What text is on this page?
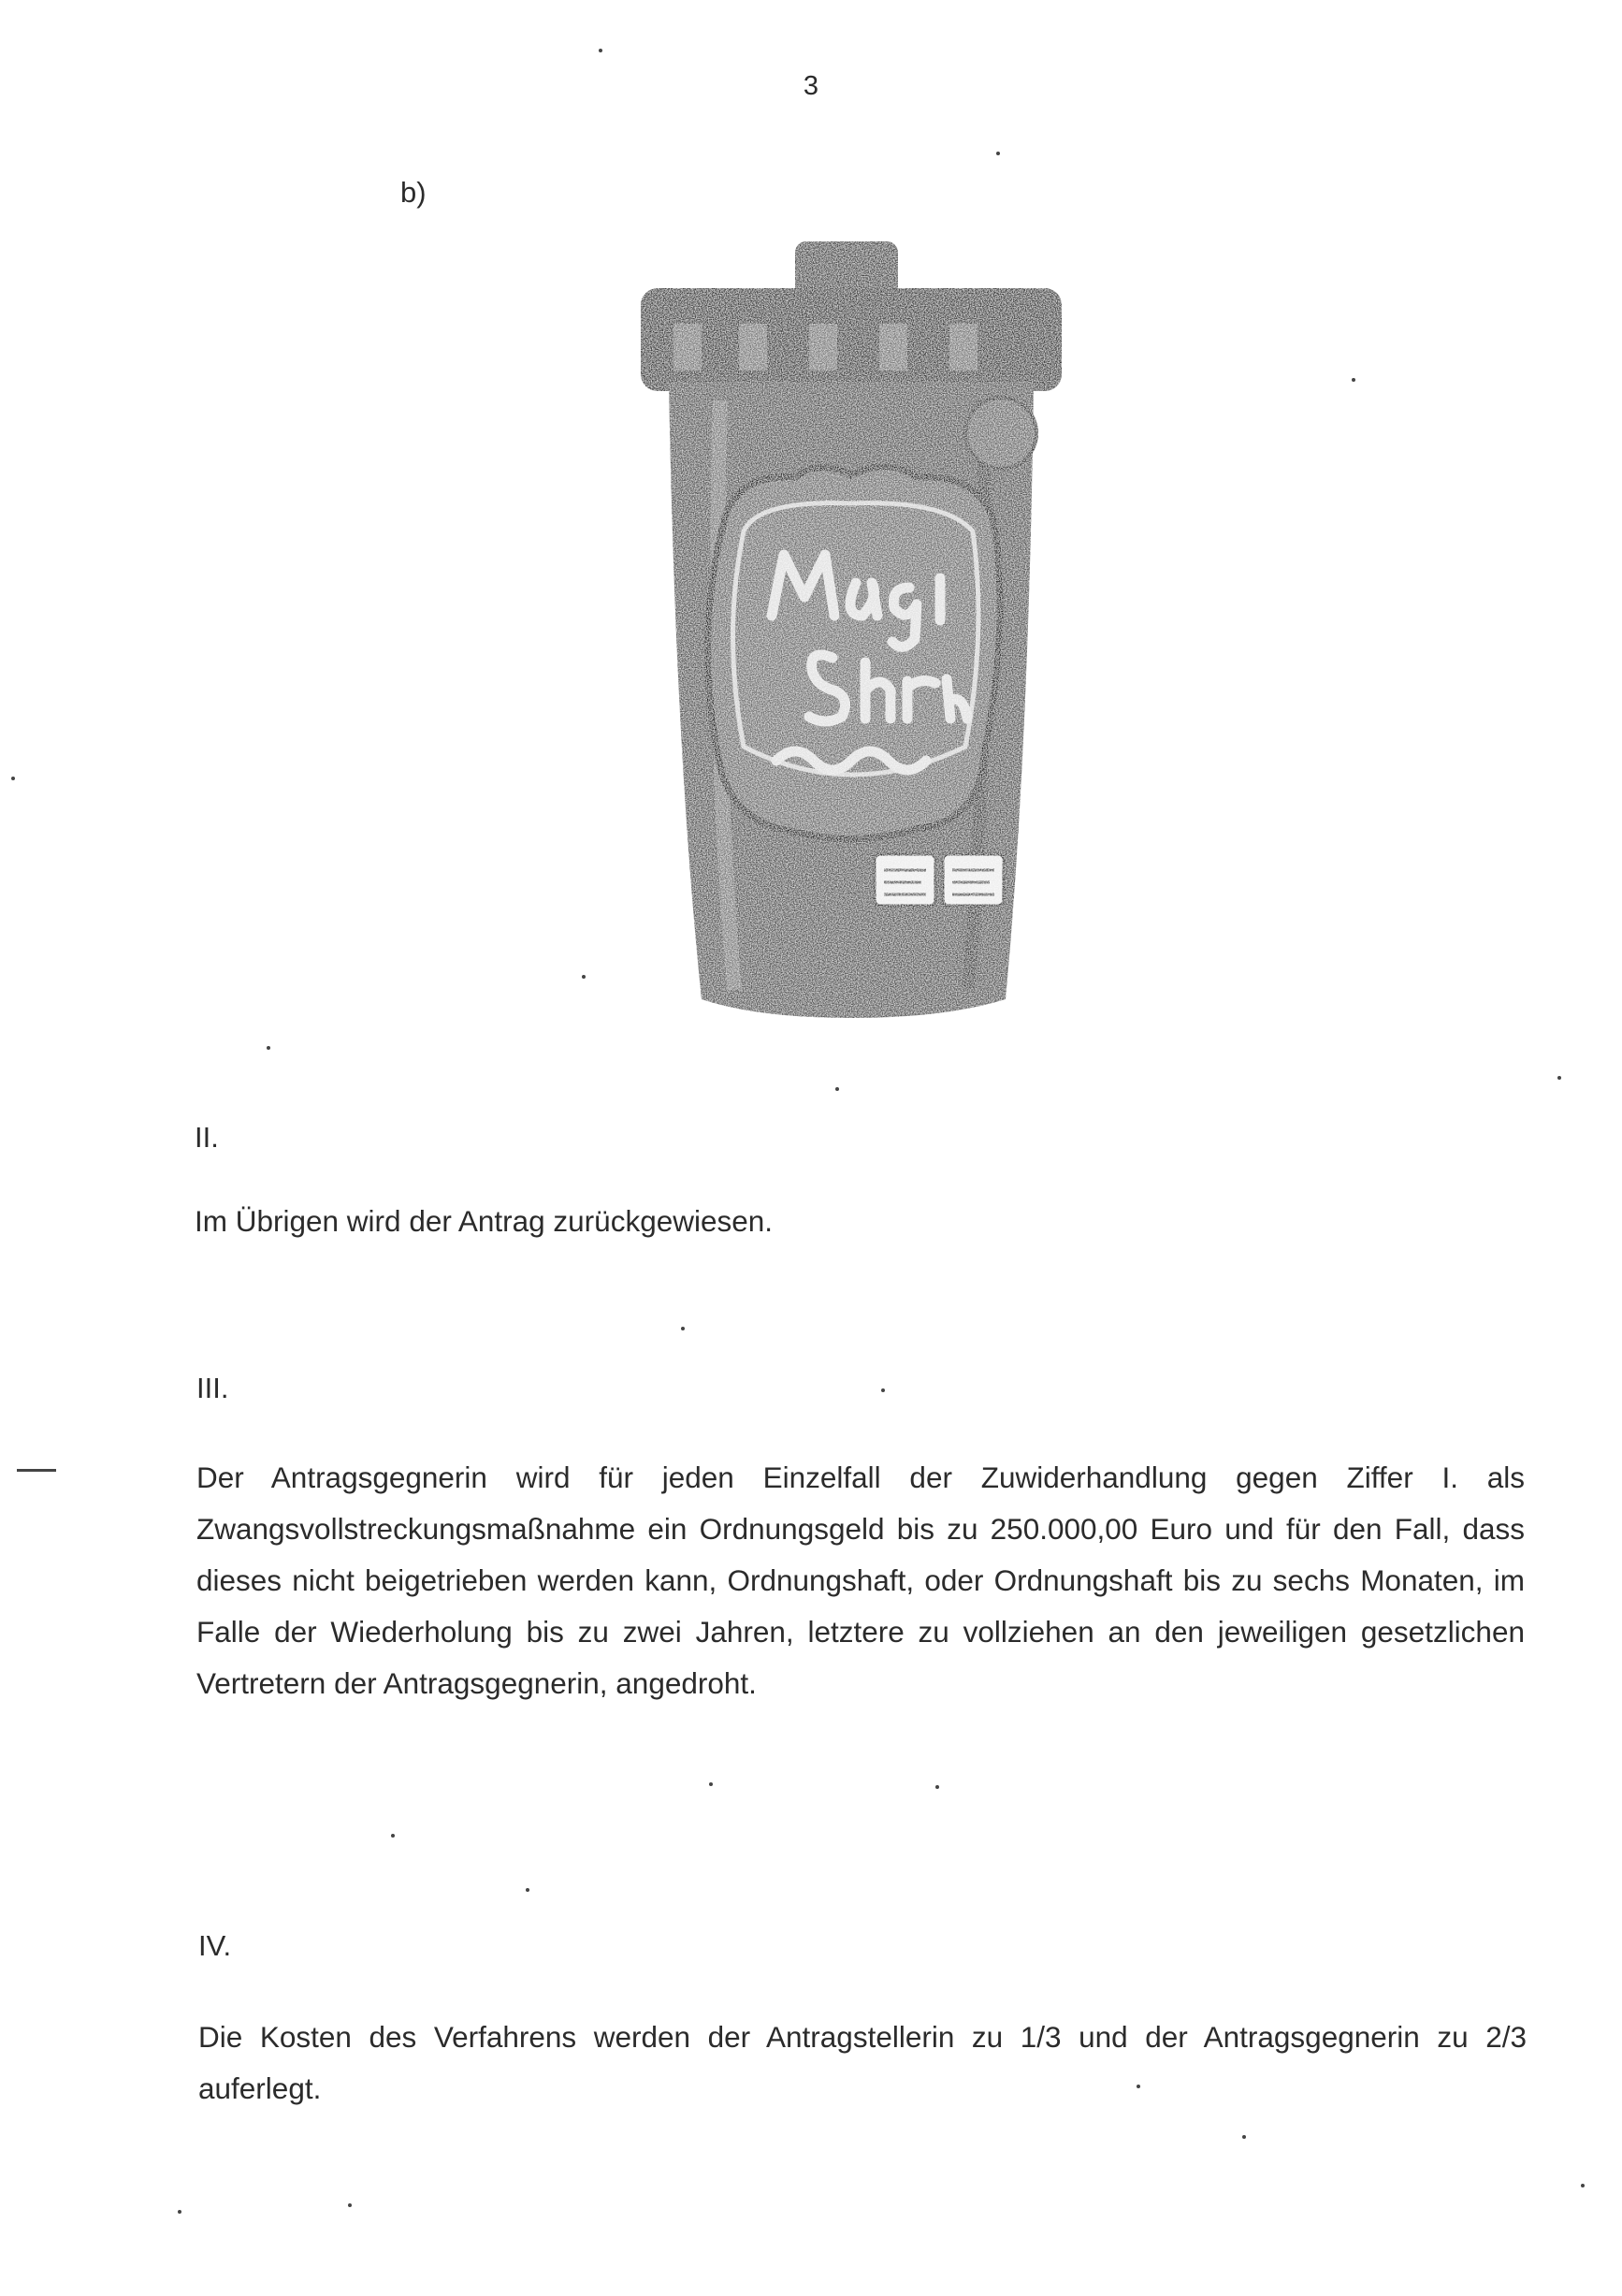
3
b)
II.
Im Übrigen wird der Antrag zurückgewiesen.
III.
Der Antragsgegnerin wird für jeden Einzelfall der Zuwiderhandlung gegen Ziffer I. als Zwangsvollstreckungsmaßnahme ein Ordnungsgeld bis zu 250.000,00 Euro und für den Fall, dass dieses nicht beigetrieben werden kann, Ordnungshaft, oder Ordnungshaft bis zu sechs Monaten, im Falle der Wiederholung bis zu zwei Jahren, letztere zu vollziehen an den jeweiligen gesetzlichen Vertretern der Antragsgegnerin, angedroht.
IV.
Die Kosten des Verfahrens werden der Antragstellerin zu 1/3 und der Antragsgegnerin zu 2/3 auferlegt.
